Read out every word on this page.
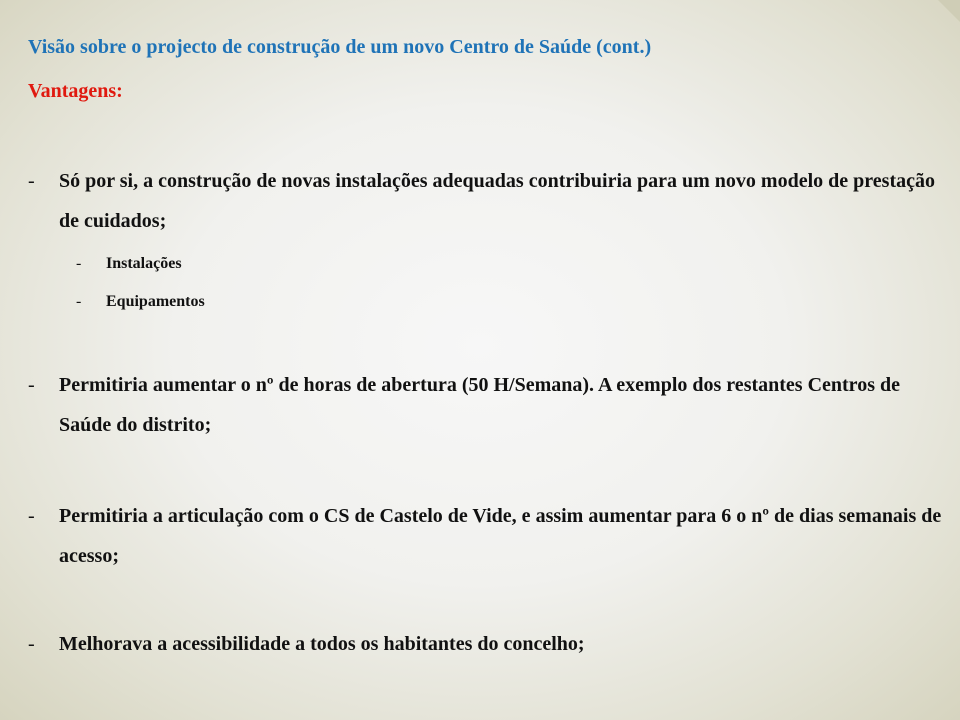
Visão sobre o projecto de construção de um novo Centro de Saúde (cont.)
Vantagens:
- Só por si, a construção de novas instalações adequadas contribuiria para um novo modelo de prestação de cuidados;
- Instalações
- Equipamentos
- Permitiria aumentar o nº de horas de abertura (50 H/Semana). A exemplo dos restantes Centros de Saúde do distrito;
- Permitiria a articulação com o CS de Castelo de Vide, e assim aumentar para 6 o nº de dias semanais de acesso;
- Melhorava a acessibilidade a todos os habitantes do concelho;
